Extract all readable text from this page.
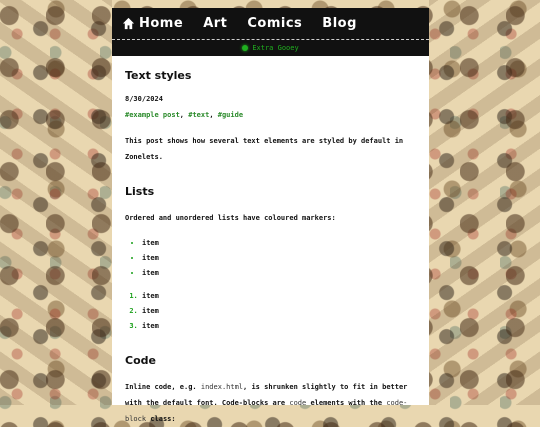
Home Art Comics Blog
Extra Gooey
Text styles
8/30/2024
#example post, #text, #guide

This post shows how several text elements are styled by default in Zonelets.

Lists

Ordered and unordered lists have coloured markers:

• item
• item
• item
1. item
2. item
3. item
Code

Inline code, e.g. index.html, is shrunken slightly to fit in better with the default font. Code-blocks are code elements with the code-block class:
